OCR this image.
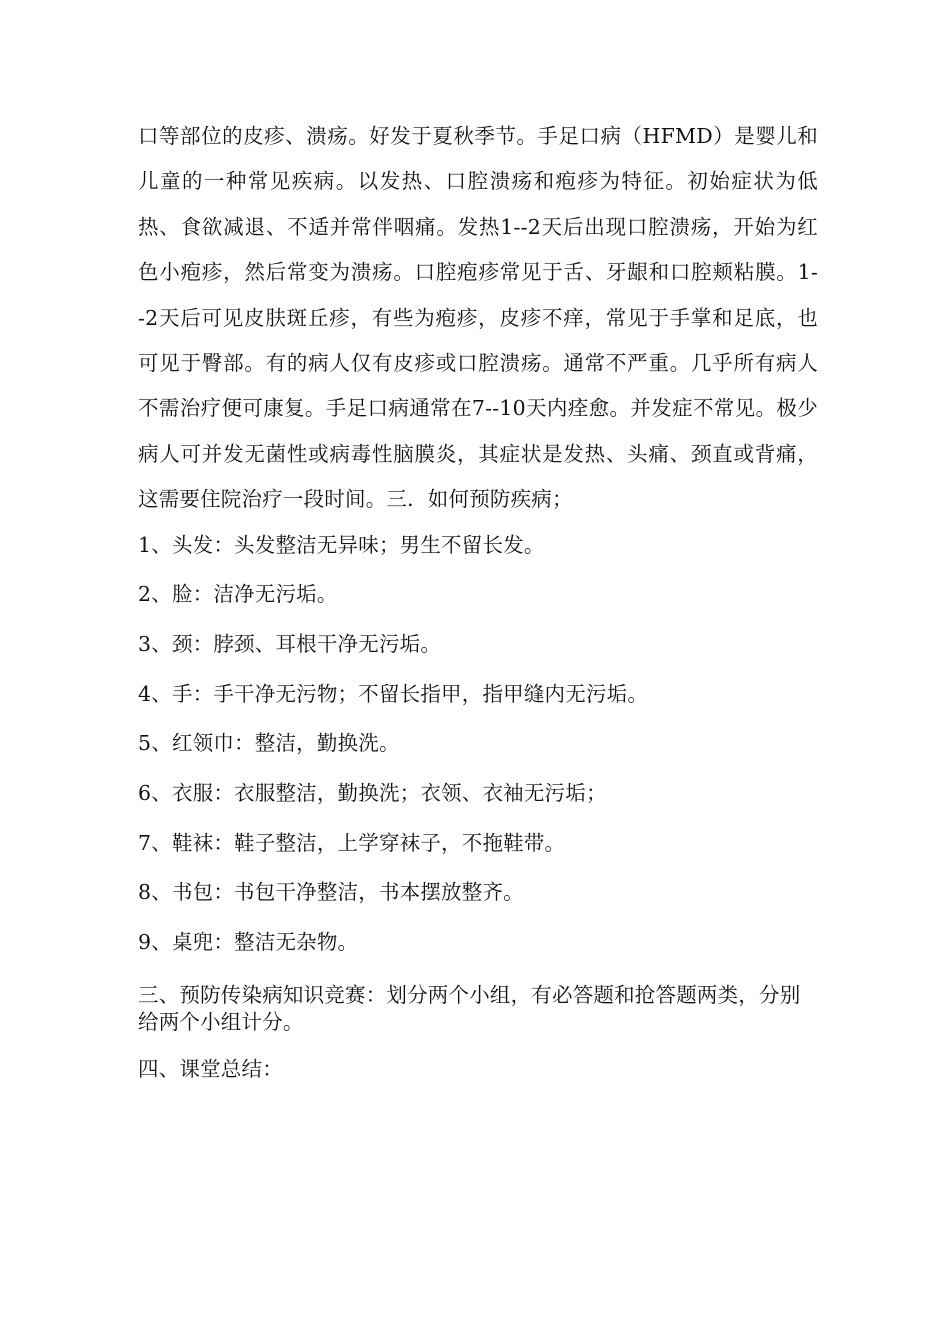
口等部位的皮疹、溃疡。好发于夏秋季节。手足口病（HFMD）是婴儿和儿童的一种常见疾病。以发热、口腔溃疡和疱疹为特征。初始症状为低热、食欲减退、不适并常伴咽痛。发热1--2天后出现口腔溃疡，开始为红色小疱疹，然后常变为溃疡。口腔疱疹常见于舌、牙龈和口腔颊粘膜。1--2天后可见皮肤斑丘疹，有些为疱疹，皮疹不痒，常见于手掌和足底，也可见于臀部。有的病人仅有皮疹或口腔溃疡。通常不严重。几乎所有病人不需治疗便可康复。手足口病通常在7--10天内痊愈。并发症不常见。极少病人可并发无菌性或病毒性脑膜炎，其症状是发热、头痛、颈直或背痛，这需要住院治疗一段时间。三．如何预防疾病；

1、头发：头发整洁无异味；男生不留长发。
2、脸：洁净无污垢。
3、颈：脖颈、耳根干净无污垢。
4、手：手干净无污物；不留长指甲，指甲缝内无污垢。
5、红领巾：整洁，勤换洗。
6、衣服：衣服整洁，勤换洗；衣领、衣袖无污垢；
7、鞋袜：鞋子整洁，上学穿袜子，不拖鞋带。
8、书包：书包干净整洁，书本摆放整齐。
9、桌兜：整洁无杂物。

三、预防传染病知识竞赛：划分两个小组，有必答题和抢答题两类，分别给两个小组计分。

四、课堂总结：
